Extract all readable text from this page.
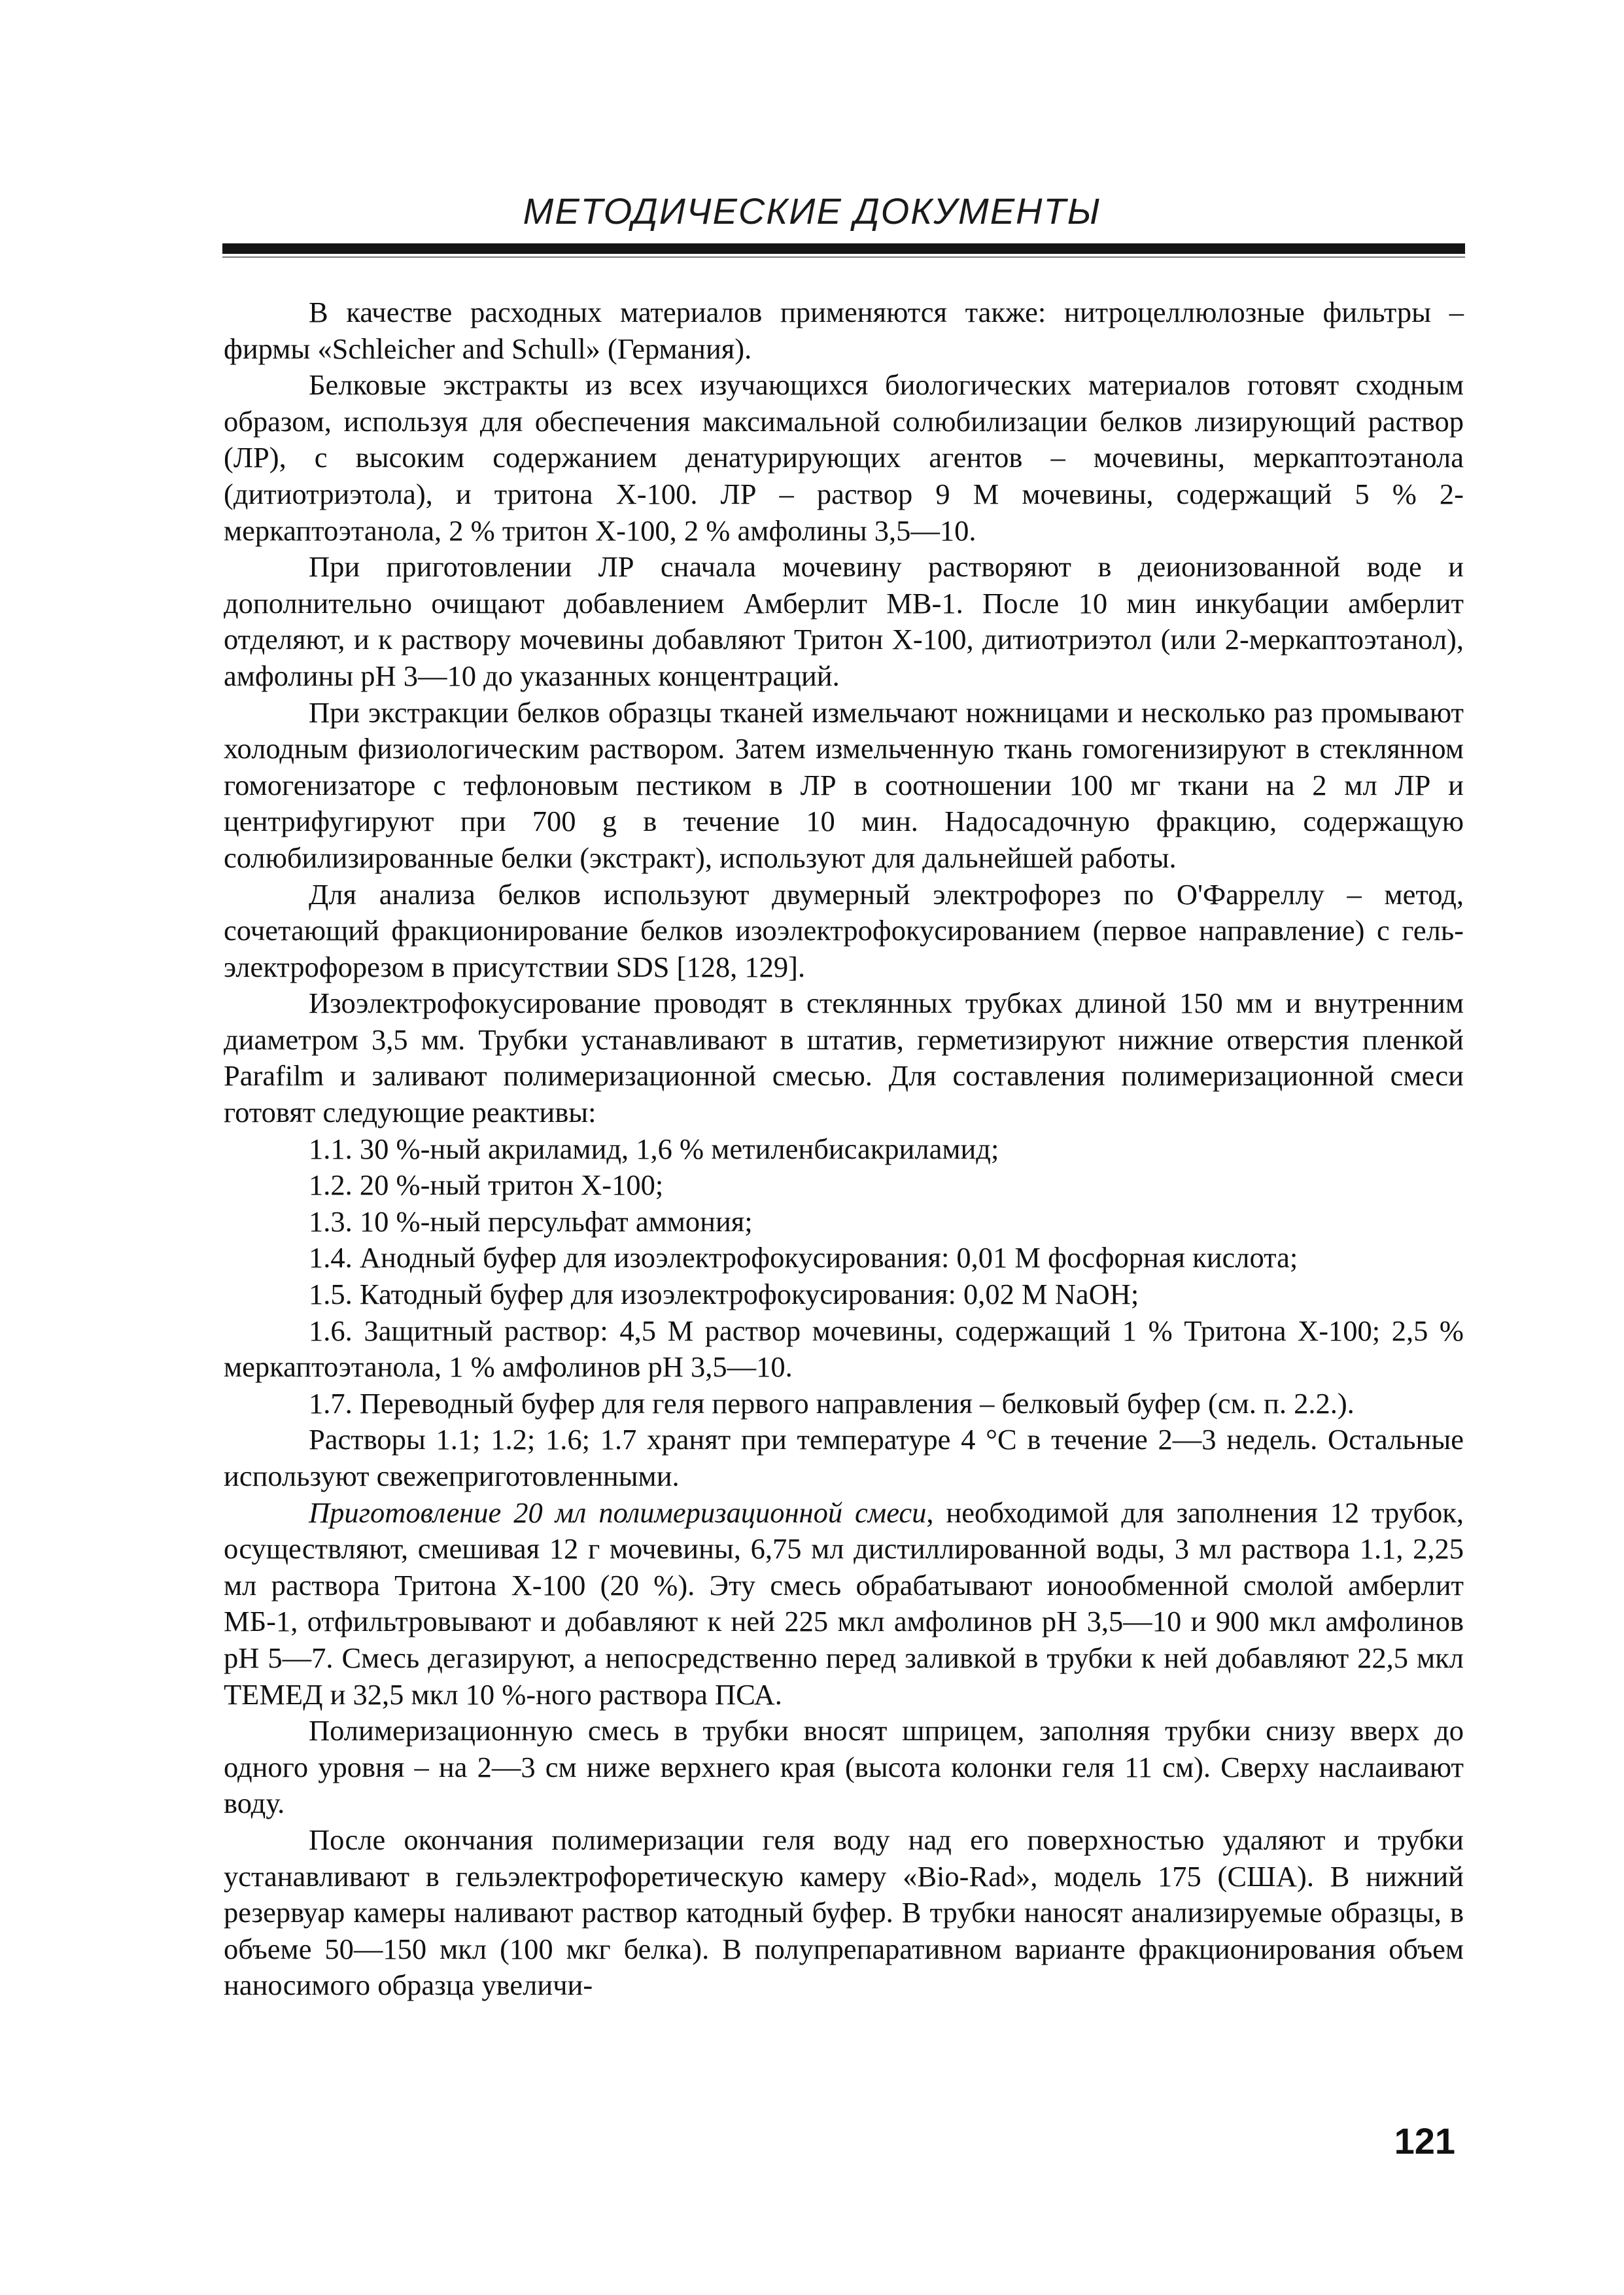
МЕТОДИЧЕСКИЕ ДОКУМЕНТЫ

В качестве расходных материалов применяются также: нитроцеллюлозные фильтры – фирмы «Schleicher and Schull» (Германия).

Белковые экстракты из всех изучающихся биологических материалов готовят сходным образом, используя для обеспечения максимальной солюбилизации белков лизирующий раствор (ЛР), с высоким содержанием денатурирующих агентов – мочевины, меркаптоэтанола (дитиотриэтола), и тритона Х-100. ЛР – раствор 9 М мочевины, содержащий 5 % 2-меркаптоэтанола, 2 % тритон Х-100, 2 % амфолины 3,5—10.

При приготовлении ЛР сначала мочевину растворяют в деионизованной воде и дополнительно очищают добавлением Амберлит МВ-1. После 10 мин инкубации амберлит отделяют, и к раствору мочевины добавляют Тритон Х-100, дитиотриэтол (или 2-меркаптоэтанол), амфолины рН 3—10 до указанных концентраций.

При экстракции белков образцы тканей измельчают ножницами и несколько раз промывают холодным физиологическим раствором. Затем измельченную ткань гомогенизируют в стеклянном гомогенизаторе с тефлоновым пестиком в ЛР в соотношении 100 мг ткани на 2 мл ЛР и центрифугируют при 700 g в течение 10 мин. Надосадочную фракцию, содержащую солюбилизированные белки (экстракт), используют для дальнейшей работы.

Для анализа белков используют двумерный электрофорез по О'Фарреллу – метод, сочетающий фракционирование белков изоэлектрофокусированием (первое направление) с гель-электрофорезом в присутствии SDS [128, 129].

Изоэлектрофокусирование проводят в стеклянных трубках длиной 150 мм и внутренним диаметром 3,5 мм. Трубки устанавливают в штатив, герметизируют нижние отверстия пленкой Parafilm и заливают полимеризационной смесью. Для составления полимеризационной смеси готовят следующие реактивы:

1.1. 30 %-ный акриламид, 1,6 % метиленбисакриламид;

1.2. 20 %-ный тритон Х-100;

1.3. 10 %-ный персульфат аммония;

1.4. Анодный буфер для изоэлектрофокусирования: 0,01 М фосфорная кислота;

1.5. Катодный буфер для изоэлектрофокусирования: 0,02 М NaOH;

1.6. Защитный раствор: 4,5 М раствор мочевины, содержащий 1 % Тритона Х-100; 2,5 % меркаптоэтанола, 1 % амфолинов рН 3,5—10.

1.7. Переводный буфер для геля первого направления – белковый буфер (см. п. 2.2.).

Растворы 1.1; 1.2; 1.6; 1.7 хранят при температуре 4 °С в течение 2—3 недель. Остальные используют свежеприготовленными.

Приготовление 20 мл полимеризационной смеси, необходимой для заполнения 12 трубок, осуществляют, смешивая 12 г мочевины, 6,75 мл дистиллированной воды, 3 мл раствора 1.1, 2,25 мл раствора Тритона Х-100 (20 %). Эту смесь обрабатывают ионообменной смолой амберлит МБ-1, отфильтровывают и добавляют к ней 225 мкл амфолинов рН 3,5—10 и 900 мкл амфолинов рН 5—7. Смесь дегазируют, а непосредственно перед заливкой в трубки к ней добавляют 22,5 мкл ТЕМЕД и 32,5 мкл 10 %-ного раствора ПСА.

Полимеризационную смесь в трубки вносят шприцем, заполняя трубки снизу вверх до одного уровня – на 2—3 см ниже верхнего края (высота колонки геля 11 см). Сверху наслаивают воду.

После окончания полимеризации геля воду над его поверхностью удаляют и трубки устанавливают в гельэлектрофоретическую камеру «Bio-Rad», модель 175 (США). В нижний резервуар камеры наливают раствор катодный буфер. В трубки наносят анализируемые образцы, в объеме 50—150 мкл (100 мкг белка). В полупрепаративном варианте фракционирования объем наносимого образца увеличи-

121
